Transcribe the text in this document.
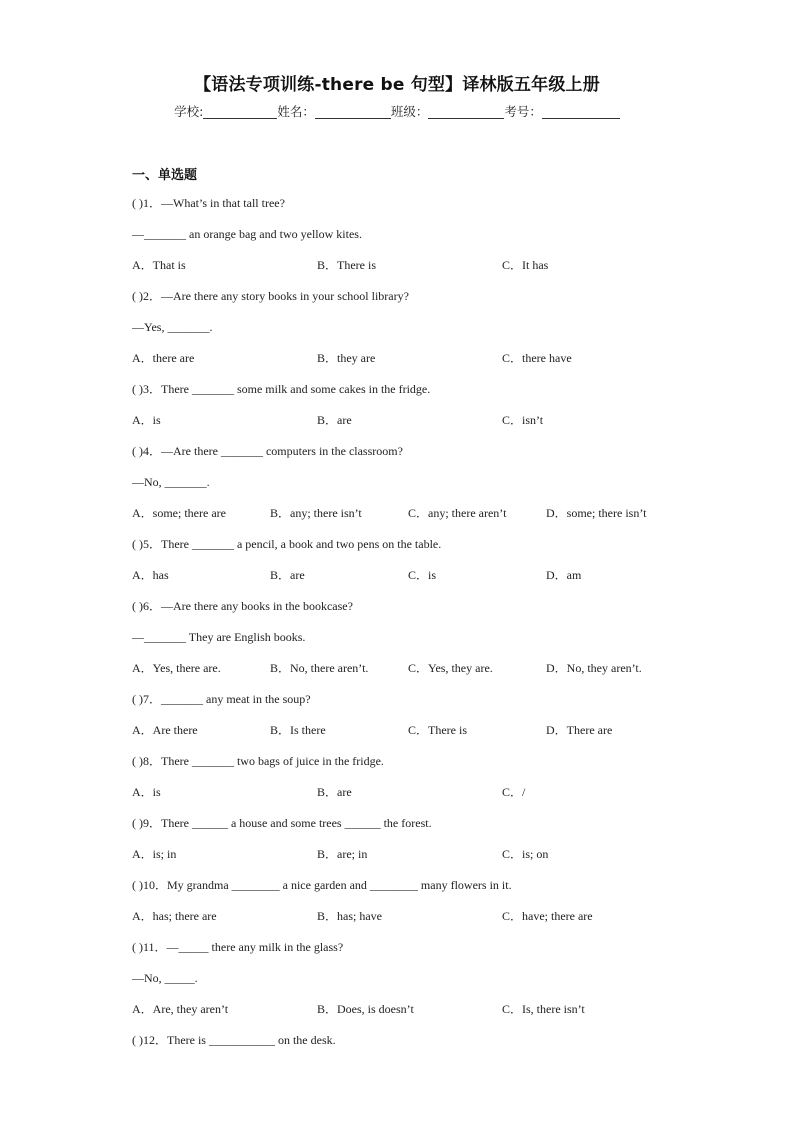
【语法专项训练-there be 句型】译林版五年级上册
学校:	姓名：	班级：	考号：
一、单选题
( )1．—What’s in that tall tree?
—_______ an orange bag and two yellow kites.
A．That is	B．There is	C．It has
( )2．—Are there any story books in your school library?
—Yes, _______.
A．there are	B．they are	C．there have
( )3．There _______ some milk and some cakes in the fridge.
A．is	B．are	C．isn’t
( )4．—Are there _______ computers in the classroom?
—No, _______.
A．some; there are	B．any; there isn’t	C．any; there aren’t	D．some; there isn’t
( )5．There _______ a pencil, a book and two pens on the table.
A．has	B．are	C．is	D．am
( )6．—Are there any books in the bookcase?
—_______ They are English books.
A．Yes, there are.	B．No, there aren’t.	C．Yes, they are.	D．No, they aren’t.
( )7．_______ any meat in the soup?
A．Are there	B．Is there	C．There is	D．There are
( )8．There _______ two bags of juice in the fridge.
A．is	B．are	C．/
( )9．There ______ a house and some trees ______ the forest.
A．is; in	B．are; in	C．is; on
( )10．My grandma ________ a nice garden and ________ many flowers in it.
A．has; there are	B．has; have	C．have; there are
( )11．—_____ there any milk in the glass?
—No, _____.
A．Are, they aren’t	B．Does, is doesn’t	C．Is, there isn’t
( )12．There is ___________ on the desk.
